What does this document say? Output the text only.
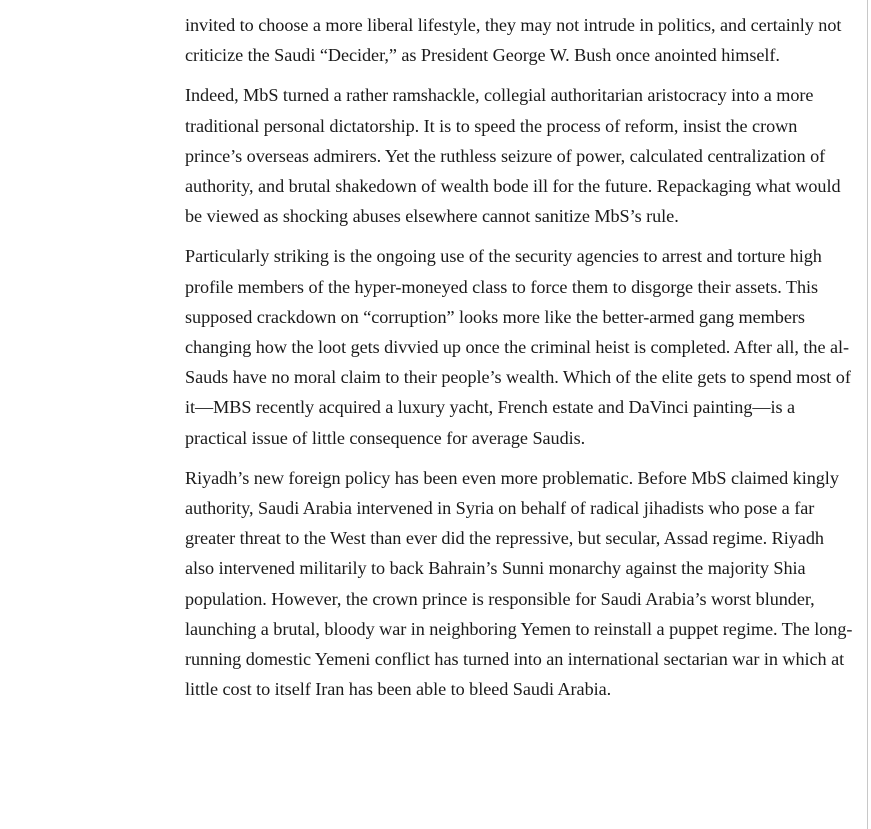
invited to choose a more liberal lifestyle, they may not intrude in politics, and certainly not criticize the Saudi “Decider,” as President George W. Bush once anointed himself.

Indeed, MbS turned a rather ramshackle, collegial authoritarian aristocracy into a more traditional personal dictatorship. It is to speed the process of reform, insist the crown prince’s overseas admirers. Yet the ruthless seizure of power, calculated centralization of authority, and brutal shakedown of wealth bode ill for the future. Repackaging what would be viewed as shocking abuses elsewhere cannot sanitize MbS’s rule.

Particularly striking is the ongoing use of the security agencies to arrest and torture high profile members of the hyper-moneyed class to force them to disgorge their assets. This supposed crackdown on “corruption” looks more like the better-armed gang members changing how the loot gets divvied up once the criminal heist is completed. After all, the al-Sauds have no moral claim to their people’s wealth. Which of the elite gets to spend most of it—MBS recently acquired a luxury yacht, French estate and DaVinci painting—is a practical issue of little consequence for average Saudis.

Riyadh’s new foreign policy has been even more problematic. Before MbS claimed kingly authority, Saudi Arabia intervened in Syria on behalf of radical jihadists who pose a far greater threat to the West than ever did the repressive, but secular, Assad regime. Riyadh also intervened militarily to back Bahrain’s Sunni monarchy against the majority Shia population. However, the crown prince is responsible for Saudi Arabia’s worst blunder, launching a brutal, bloody war in neighboring Yemen to reinstall a puppet regime. The long-running domestic Yemeni conflict has turned into an international sectarian war in which at little cost to itself Iran has been able to bleed Saudi Arabia.
